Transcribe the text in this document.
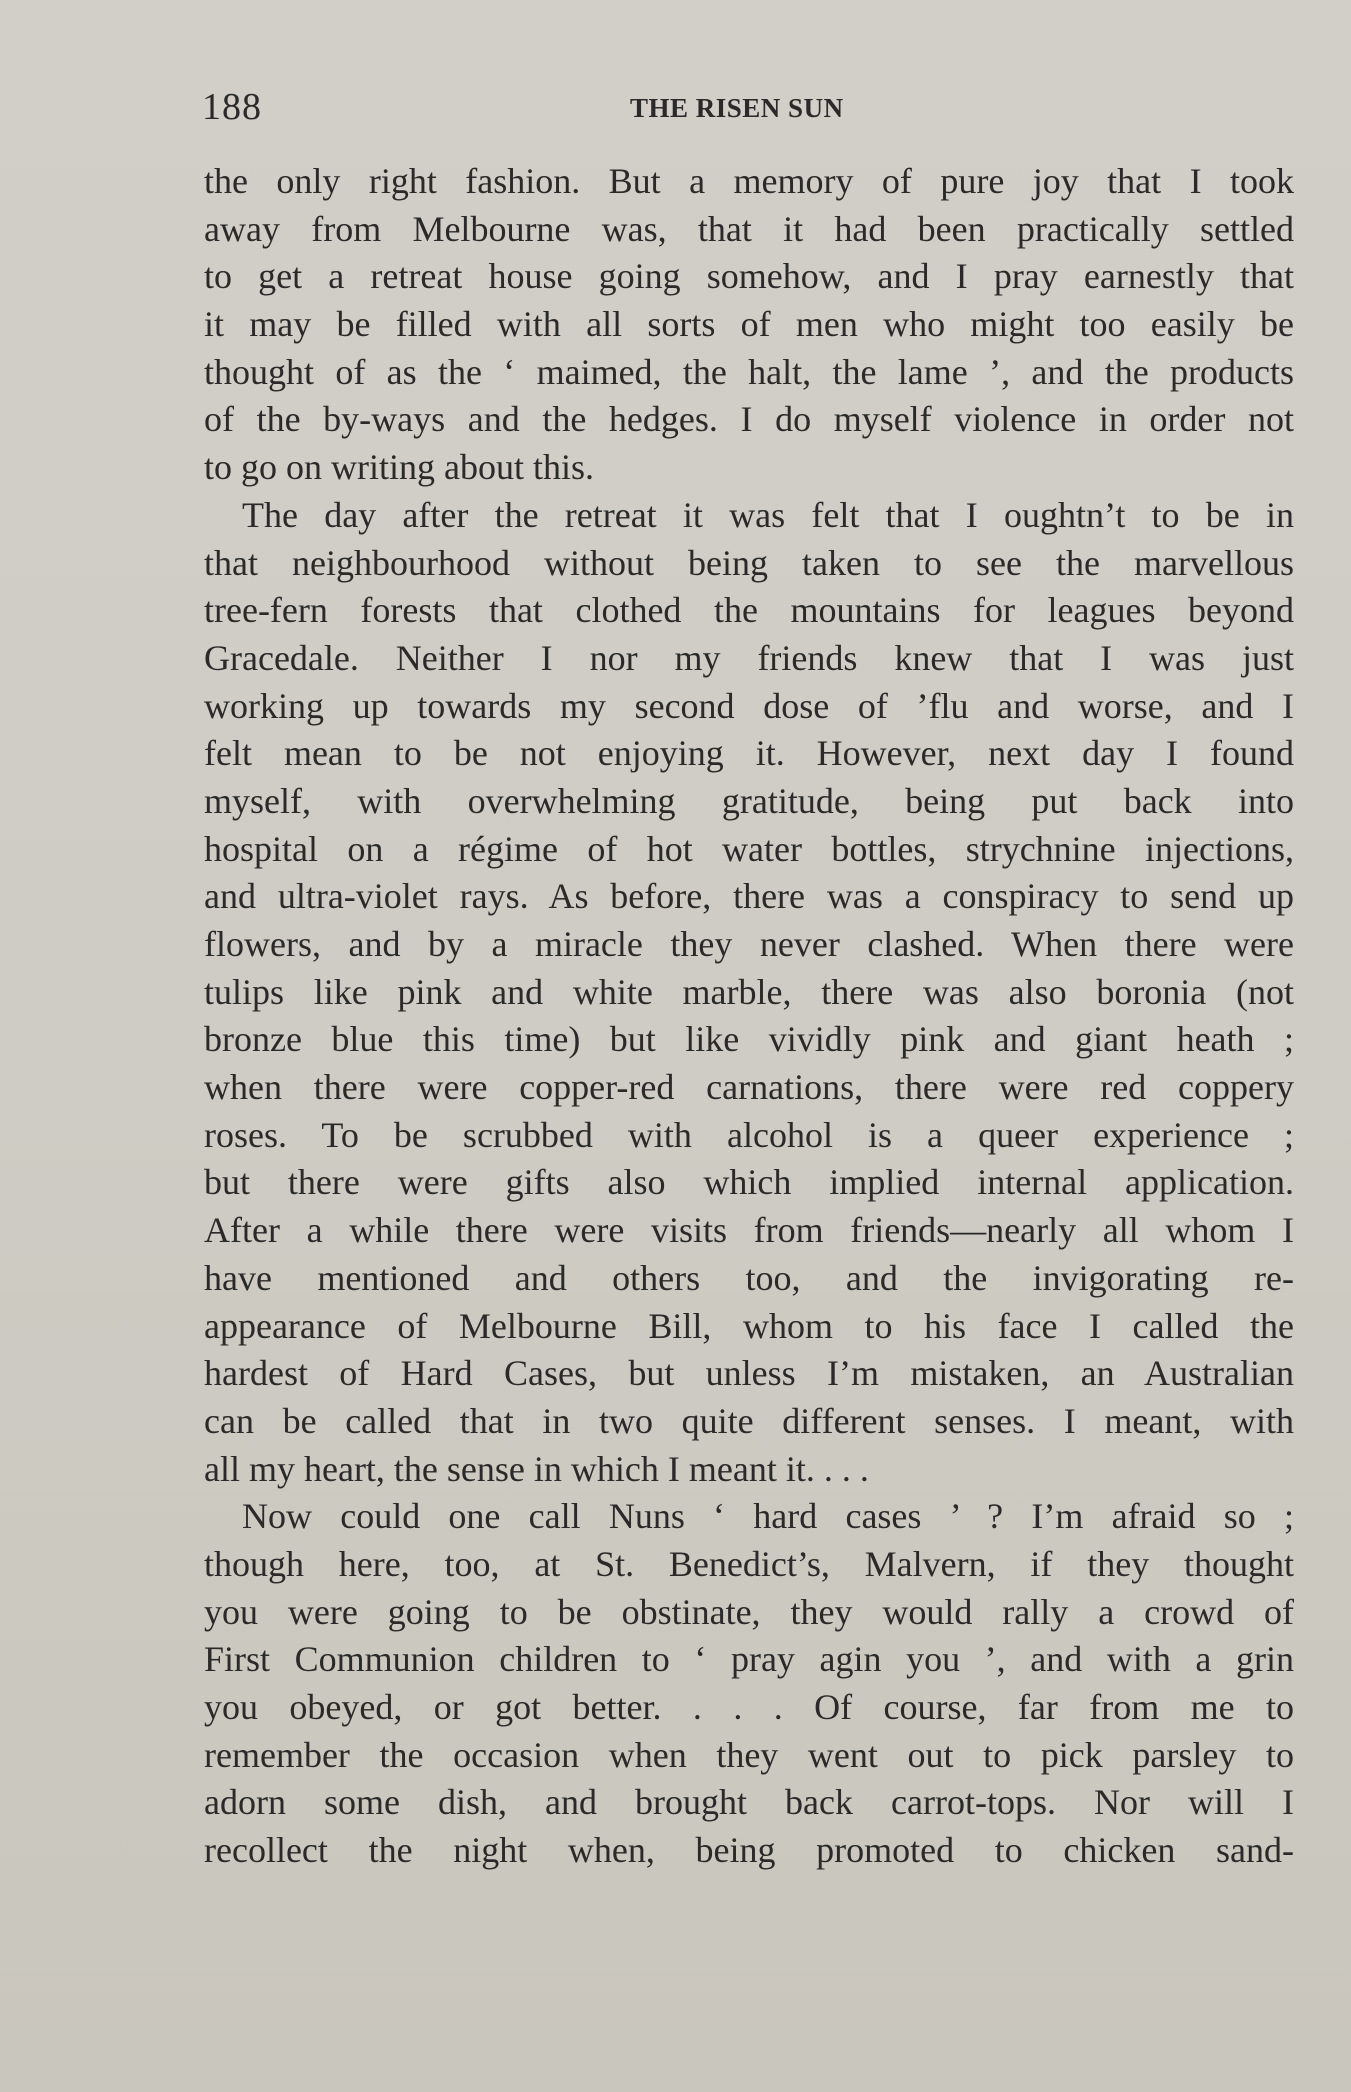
188	THE RISEN SUN
the only right fashion. But a memory of pure joy that I took
away from Melbourne was, that it had been practically settled
to get a retreat house going somehow, and I pray earnestly that
it may be filled with all sorts of men who might too easily be
thought of as the ‘ maimed, the halt, the lame ’, and the products
of the by-ways and the hedges. I do myself violence in order not
to go on writing about this.
The day after the retreat it was felt that I oughtn’t to be in
that neighbourhood without being taken to see the marvellous
tree-fern forests that clothed the mountains for leagues beyond
Gracedale. Neither I nor my friends knew that I was just
working up towards my second dose of ’flu and worse, and I
felt mean to be not enjoying it. However, next day I found
myself, with overwhelming gratitude, being put back into
hospital on a régime of hot water bottles, strychnine injections,
and ultra-violet rays. As before, there was a conspiracy to send up
flowers, and by a miracle they never clashed. When there were
tulips like pink and white marble, there was also boronia (not
bronze blue this time) but like vividly pink and giant heath ;
when there were copper-red carnations, there were red coppery
roses. To be scrubbed with alcohol is a queer experience ;
but there were gifts also which implied internal application.
After a while there were visits from friends—nearly all whom I
have mentioned and others too, and the invigorating re-
appearance of Melbourne Bill, whom to his face I called the
hardest of Hard Cases, but unless I’m mistaken, an Australian
can be called that in two quite different senses. I meant, with
all my heart, the sense in which I meant it. . . .
Now could one call Nuns ‘ hard cases ’ ? I’m afraid so ;
though here, too, at St. Benedict’s, Malvern, if they thought
you were going to be obstinate, they would rally a crowd of
First Communion children to ‘ pray agin you ’, and with a grin
you obeyed, or got better. . . . Of course, far from me to
remember the occasion when they went out to pick parsley to
adorn some dish, and brought back carrot-tops. Nor will I
recollect the night when, being promoted to chicken sand-
